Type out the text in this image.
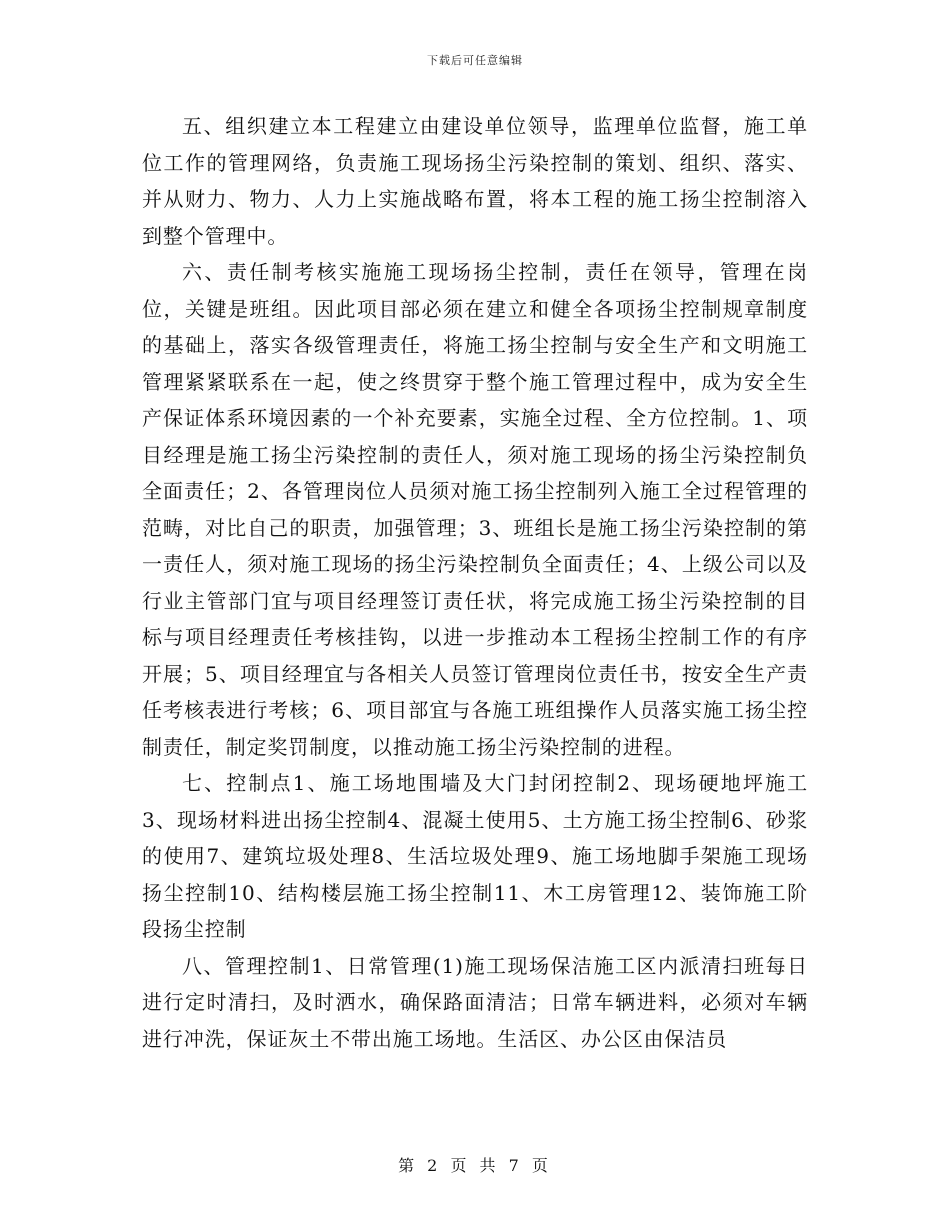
下载后可任意编辑

五、组织建立本工程建立由建设单位领导，监理单位监督，施工单位工作的管理网络，负责施工现场扬尘污染控制的策划、组织、落实、并从财力、物力、人力上实施战略布置，将本工程的施工扬尘控制溶入到整个管理中。

六、责任制考核实施施工现场扬尘控制，责任在领导，管理在岗位，关键是班组。因此项目部必须在建立和健全各项扬尘控制规章制度的基础上，落实各级管理责任，将施工扬尘控制与安全生产和文明施工管理紧紧联系在一起，使之终贯穿于整个施工管理过程中，成为安全生产保证体系环境因素的一个补充要素，实施全过程、全方位控制。1、项目经理是施工扬尘污染控制的责任人，须对施工现场的扬尘污染控制负全面责任；2、各管理岗位人员须对施工扬尘控制列入施工全过程管理的范畴，对比自己的职责，加强管理；3、班组长是施工扬尘污染控制的第一责任人，须对施工现场的扬尘污染控制负全面责任；4、上级公司以及行业主管部门宜与项目经理签订责任状，将完成施工扬尘污染控制的目标与项目经理责任考核挂钩，以进一步推动本工程扬尘控制工作的有序开展；5、项目经理宜与各相关人员签订管理岗位责任书，按安全生产责任考核表进行考核；6、项目部宜与各施工班组操作人员落实施工扬尘控制责任，制定奖罚制度，以推动施工扬尘污染控制的进程。

七、控制点1、施工场地围墙及大门封闭控制2、现场硬地坪施工3、现场材料进出扬尘控制4、混凝土使用5、土方施工扬尘控制6、砂浆的使用7、建筑垃圾处理8、生活垃圾处理9、施工场地脚手架施工现场扬尘控制10、结构楼层施工扬尘控制11、木工房管理12、装饰施工阶段扬尘控制

八、管理控制1、日常管理(1)施工现场保洁施工区内派清扫班每日进行定时清扫，及时洒水，确保路面清洁；日常车辆进料，必须对车辆进行冲洗，保证灰土不带出施工场地。生活区、办公区由保洁员

第 2 页 共 7 页
